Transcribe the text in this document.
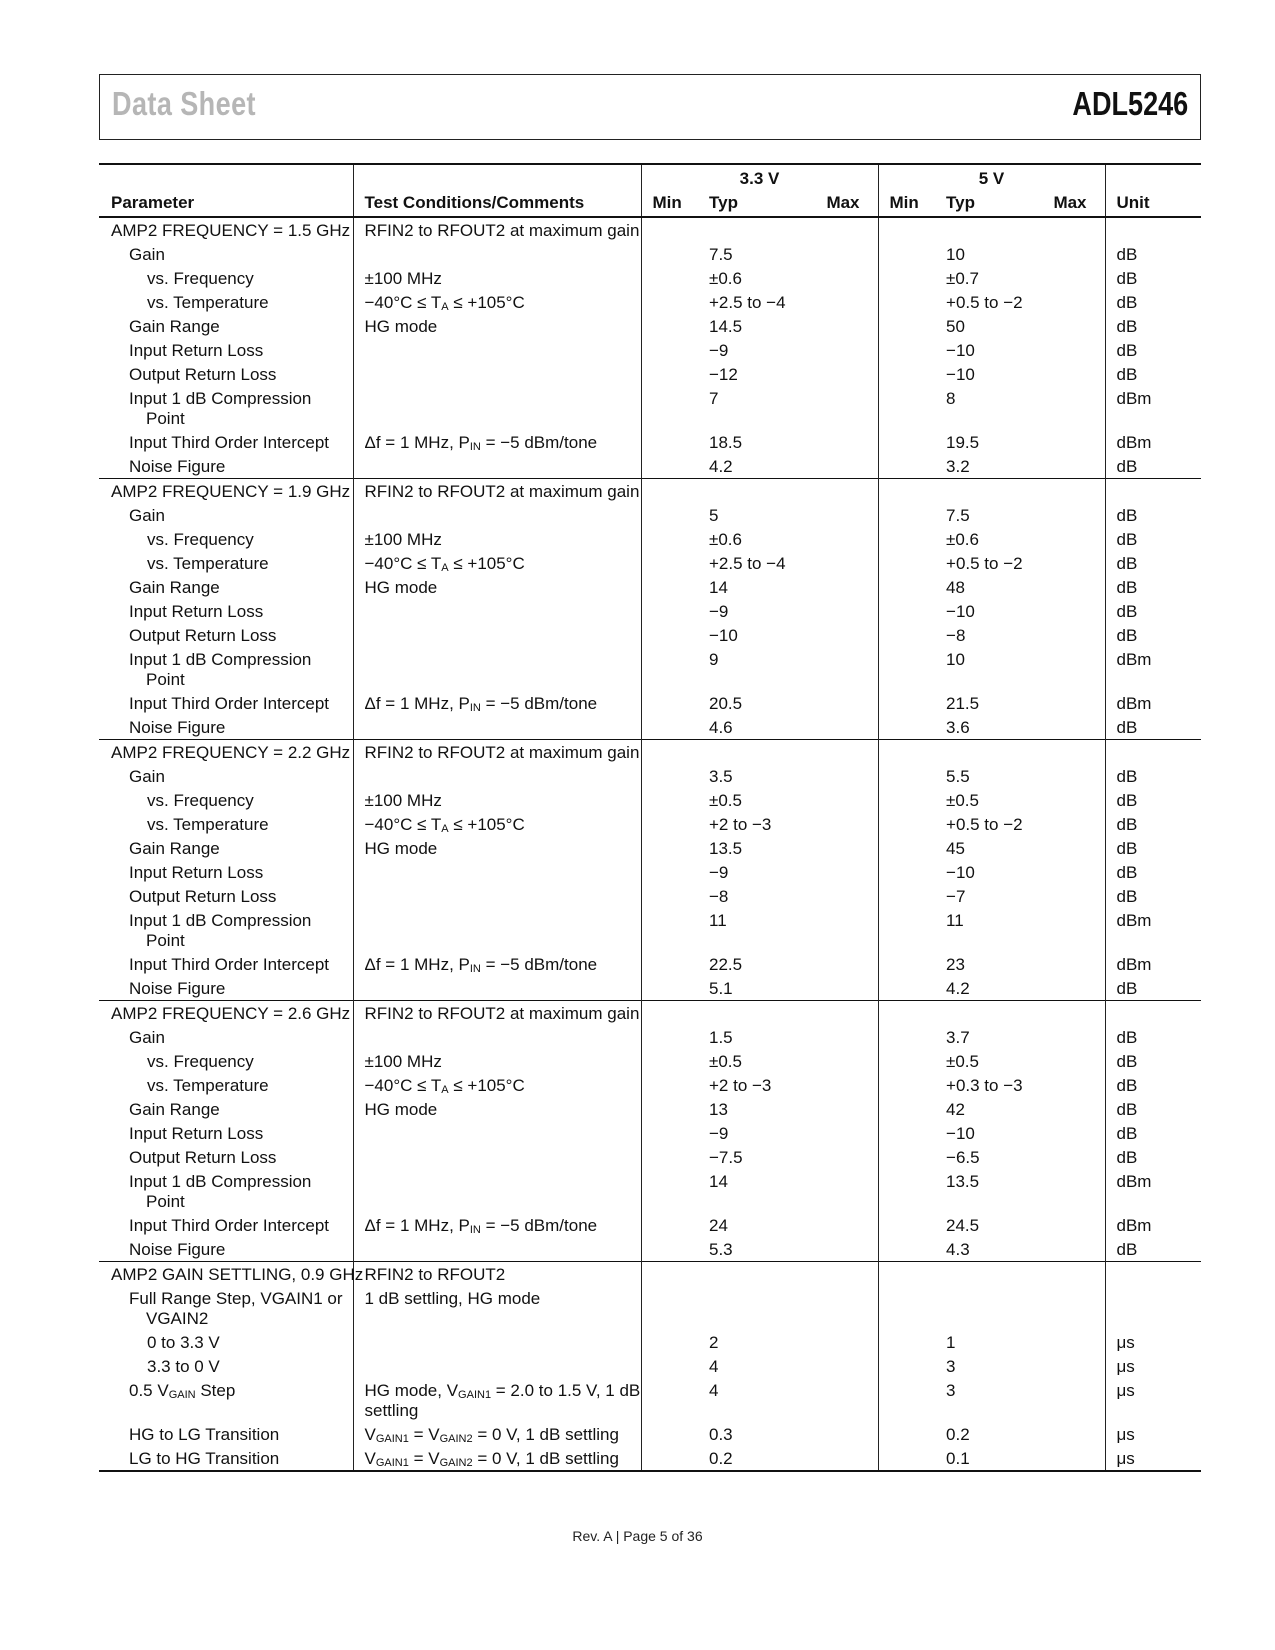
Data Sheet	ADL5246
		3.3 V			5 V			
Parameter	Test Conditions/Comments	Min	Typ	Max	Min	Typ	Max	Unit
AMP2 FREQUENCY = 1.5 GHz	RFIN2 to RFOUT2 at maximum gain							
Gain			7.5			10		dB
vs. Frequency	±100 MHz		±0.6			±0.7		dB
vs. Temperature	$-40^\circ C \le T_A \le +105^\circ C$		+2.5 to −4			+0.5 to −2		dB
Gain Range	HG mode		14.5			50		dB
Input Return Loss			−9			−10		dB
Output Return Loss			−12			−10		dB

Input 1 dB Compression Point			7			8		dBm
Input Third Order Intercept	Δf = 1 MHz, $P_{IN} = -5$ dBm/tone		18.5			19.5		dBm
Noise Figure			4.2			3.2		dB
AMP2 FREQUENCY = 1.9 GHz	RFIN2 to RFOUT2 at maximum gain							
Gain			5			7.5		dB
vs. Frequency	±100 MHz		±0.6			±0.6		dB
vs. Temperature	$-40^\circ C \le T_A \le +105^\circ C$		+2.5 to −4			+0.5 to −2		dB
Gain Range	HG mode		14			48		dB
Input Return Loss			−9			−10		dB
Output Return Loss			−10			−8		dB

Input 1 dB Compression Point			9			10		dBm
Input Third Order Intercept	Δf = 1 MHz, $P_{IN} = -5$ dBm/tone		20.5			21.5		dBm
Noise Figure			4.6			3.6		dB
AMP2 FREQUENCY = 2.2 GHz	RFIN2 to RFOUT2 at maximum gain							
Gain			3.5			5.5		dB
vs. Frequency	±100 MHz		±0.5			±0.5		dB
vs. Temperature	$-40^\circ C \le T_A \le +105^\circ C$		+2 to −3			+0.5 to −2		dB
Gain Range	HG mode		13.5			45		dB
Input Return Loss			−9			−10		dB
Output Return Loss			−8			−7		dB

Input 1 dB Compression Point			11			11		dBm
Input Third Order Intercept	Δf = 1 MHz, $P_{IN} = -5$ dBm/tone		22.5			23		dBm
Noise Figure			5.1			4.2		dB
AMP2 FREQUENCY = 2.6 GHz	RFIN2 to RFOUT2 at maximum gain							
Gain			1.5			3.7		dB
vs. Frequency	±100 MHz		±0.5			±0.5		dB
vs. Temperature	$-40^\circ C \le T_A \le +105^\circ C$		+2 to −3			+0.3 to −3		dB
Gain Range	HG mode		13			42		dB
Input Return Loss			−9			−10		dB
Output Return Loss			−7.5			−6.5		dB

Input 1 dB Compression Point			14			13.5		dBm
Input Third Order Intercept	Δf = 1 MHz, $P_{IN} = -5$ dBm/tone		24			24.5		dBm
Noise Figure			5.3			4.3		dB
AMP2 GAIN SETTLING, 0.9 GHz	RFIN2 to RFOUT2							

Full Range Step, VGAIN1 or VGAIN2	1 dB settling, HG mode							
0 to 3.3 V			2			1		μs
3.3 to 0 V			4			3		μs
0.5 $V_{GAIN}$ Step	HG mode, $V_{GAIN1} = 2.0$ to 1.5 V, 1 dB settling		4			3		μs
HG to LG Transition	$V_{GAIN1} = V_{GAIN2} = 0$ V, 1 dB settling		0.3			0.2		μs
LG to HG Transition	$V_{GAIN1} = V_{GAIN2} = 0$ V, 1 dB settling		0.2			0.1		μs
Rev. A | Page 5 of 36
